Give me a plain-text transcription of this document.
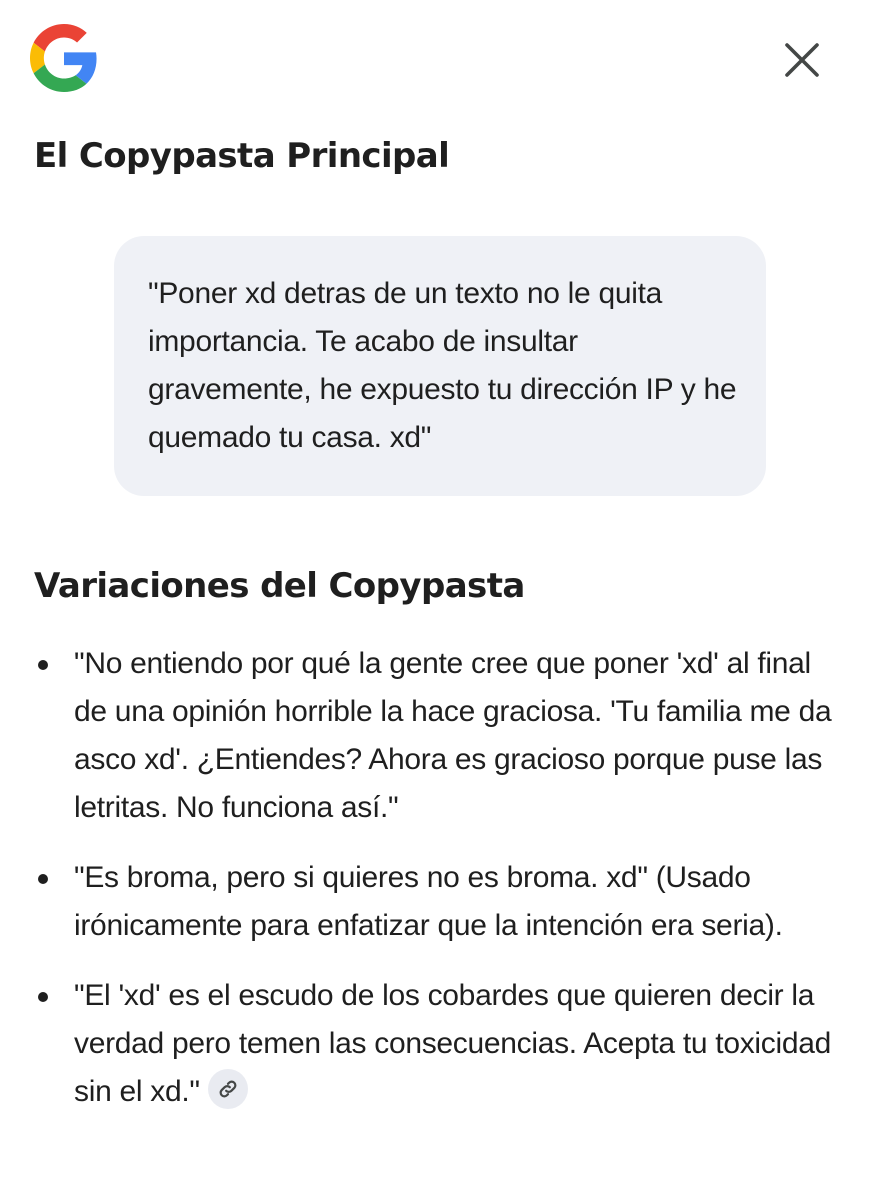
El Copypasta Principal

"Poner xd detras de un texto no le quita importancia. Te acabo de insultar gravemente, he expuesto tu dirección IP y he quemado tu casa. xd"

Variaciones del Copypasta
"No entiendo por qué la gente cree que poner 'xd' al final de una opinión horrible la hace graciosa. 'Tu familia me da asco xd'. ¿Entiendes? Ahora es gracioso porque puse las letritas. No funciona así."
"Es broma, pero si quieres no es broma. xd" (Usado irónicamente para enfatizar que la intención era seria).
"El 'xd' es el escudo de los cobardes que quieren decir la verdad pero temen las consecuencias. Acepta tu toxicidad sin el xd."
